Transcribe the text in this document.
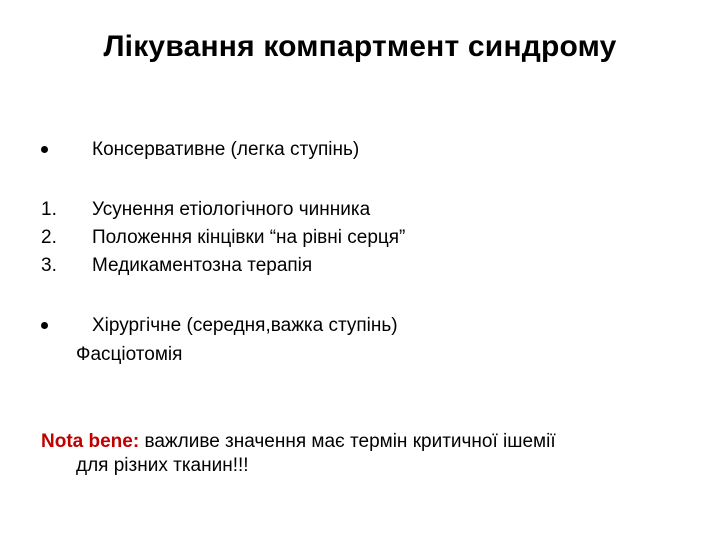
Лікування компартмент синдрому
Консервативне (легка ступінь)
1. Усунення етіологічного чинника
2. Положення кінцівки “на рівні серця”
3. Медикаментозна терапія
Хірургічне (середня,важка ступінь)
Фасціотомія
Nota bene: важливе значення має термін критичної ішемії
для різних тканин!!!
